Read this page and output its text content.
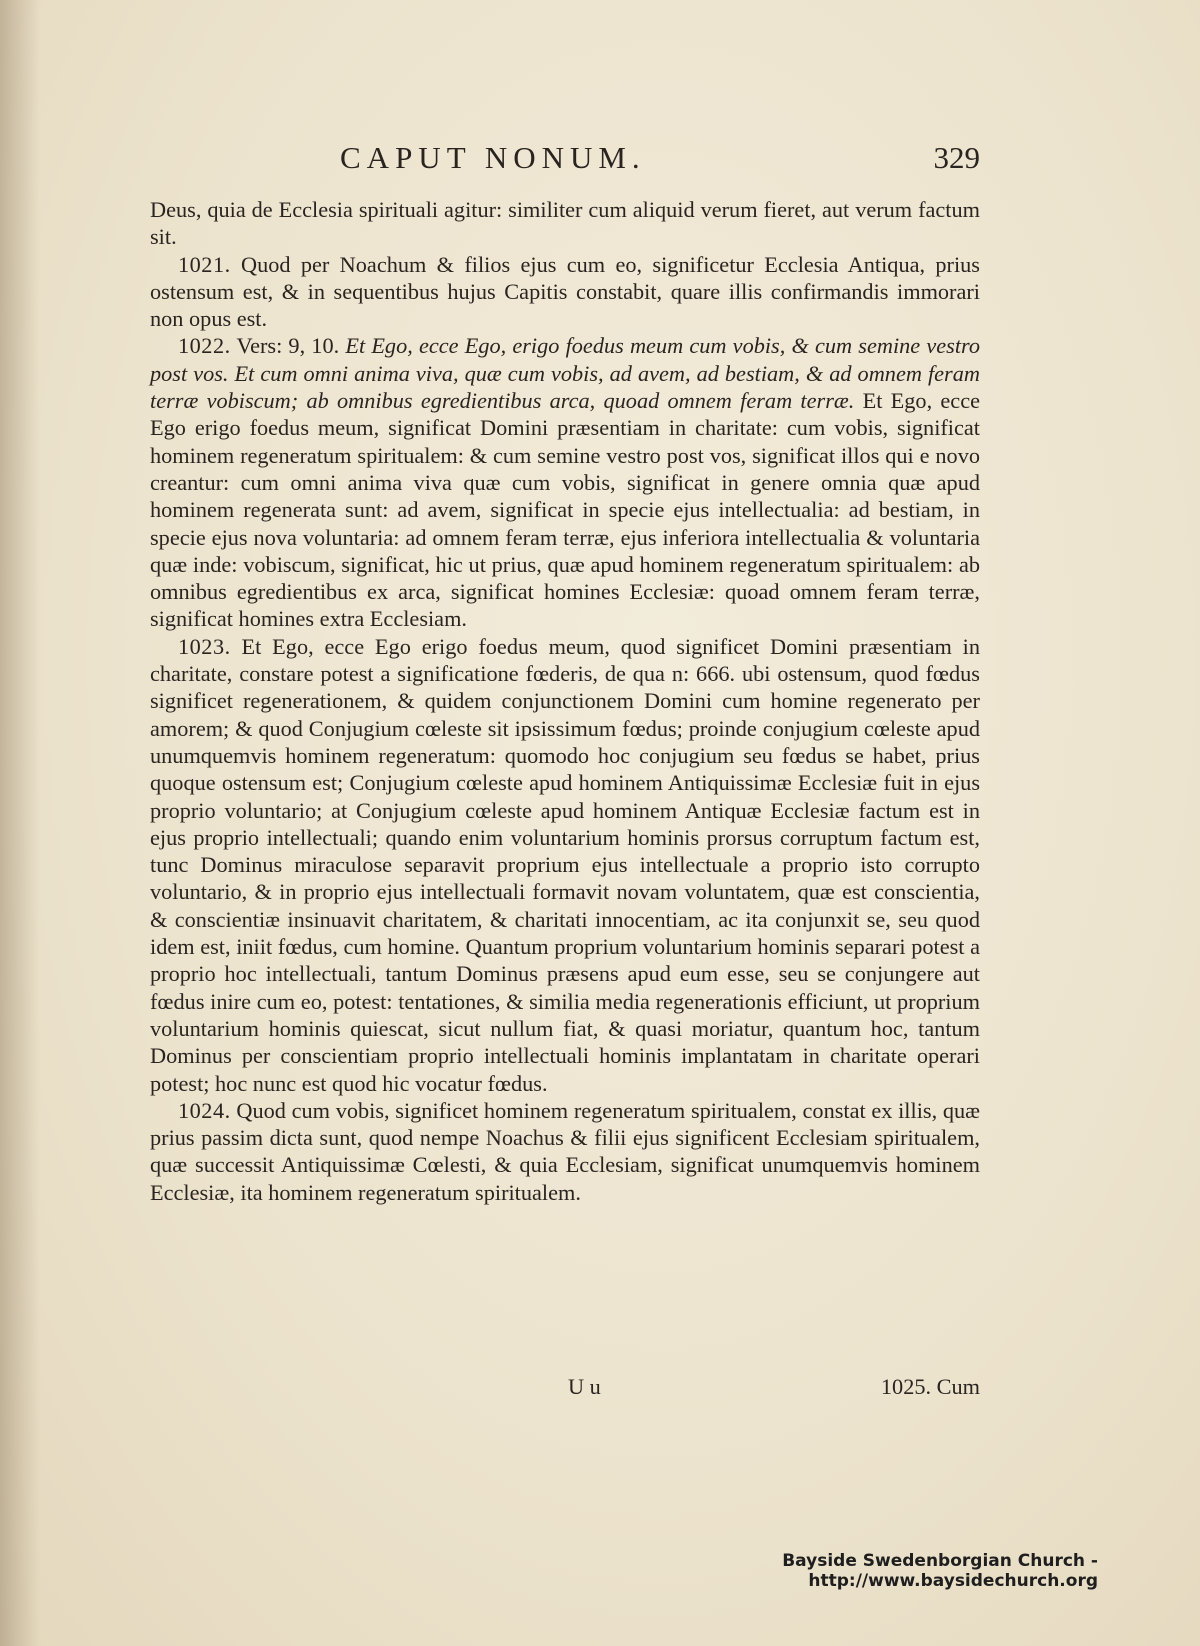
CAPUT NONUM.	329

Deus, quia de Ecclesia spirituali agitur: similiter cum aliquid verum fieret, aut verum factum sit.

1021. Quod per Noachum & filios ejus cum eo, significetur Ecclesia Antiqua, prius ostensum est, & in sequentibus hujus Capitis constabit, quare illis confirmandis immorari non opus est.

1022. Vers: 9, 10. Et Ego, ecce Ego, erigo foedus meum cum vobis, & cum semine vestro post vos. Et cum omni anima viva, quæ cum vobis, ad avem, ad bestiam, & ad omnem feram terræ vobiscum; ab omnibus egredientibus arca, quoad omnem feram terræ. Et Ego, ecce Ego erigo foedus meum, significat Domini præsentiam in charitate: cum vobis, significat hominem regeneratum spiritualem: & cum semine vestro post vos, significat illos qui e novo creantur: cum omni anima viva quæ cum vobis, significat in genere omnia quæ apud hominem regenerata sunt: ad avem, significat in specie ejus intellectualia: ad bestiam, in specie ejus nova voluntaria: ad omnem feram terræ, ejus inferiora intellectualia & voluntaria quæ inde: vobiscum, significat, hic ut prius, quæ apud hominem regeneratum spiritualem: ab omnibus egredientibus ex arca, significat homines Ecclesiæ: quoad omnem feram terræ, significat homines extra Ecclesiam.

1023. Et Ego, ecce Ego erigo foedus meum, quod significet Domini præsentiam in charitate, constare potest a significatione fœderis, de qua n: 666. ubi ostensum, quod fœdus significet regenerationem, & quidem conjunctionem Domini cum homine regenerato per amorem; & quod Conjugium cœleste sit ipsissimum fœdus; proinde conjugium cœleste apud unumquemvis hominem regeneratum: quomodo hoc conjugium seu fœdus se habet, prius quoque ostensum est; Conjugium cœleste apud hominem Antiquissimæ Ecclesiæ fuit in ejus proprio voluntario; at Conjugium cœleste apud hominem Antiquæ Ecclesiæ factum est in ejus proprio intellectuali; quando enim voluntarium hominis prorsus corruptum factum est, tunc Dominus miraculose separavit proprium ejus intellectuale a proprio isto corrupto voluntario, & in proprio ejus intellectuali formavit novam voluntatem, quæ est conscientia, & conscientiæ insinuavit charitatem, & charitati innocentiam, ac ita conjunxit se, seu quod idem est, iniit fœdus, cum homine. Quantum proprium voluntarium hominis separari potest a proprio hoc intellectuali, tantum Dominus præsens apud eum esse, seu se conjungere aut fœdus inire cum eo, potest: tentationes, & similia media regenerationis efficiunt, ut proprium voluntarium hominis quiescat, sicut nullum fiat, & quasi moriatur, quantum hoc, tantum Dominus per conscientiam proprio intellectuali hominis implantatam in charitate operari potest; hoc nunc est quod hic vocatur fœdus.

1024. Quod cum vobis, significet hominem regeneratum spiritualem, constat ex illis, quæ prius passim dicta sunt, quod nempe Noachus & filii ejus significent Ecclesiam spiritualem, quæ successit Antiquissimæ Cœlesti, & quia Ecclesiam, significat unumquemvis hominem Ecclesiæ, ita hominem regeneratum spiritualem.

U u	1025. Cum
Bayside Swedenborgian Church - http://www.baysidechurch.org
